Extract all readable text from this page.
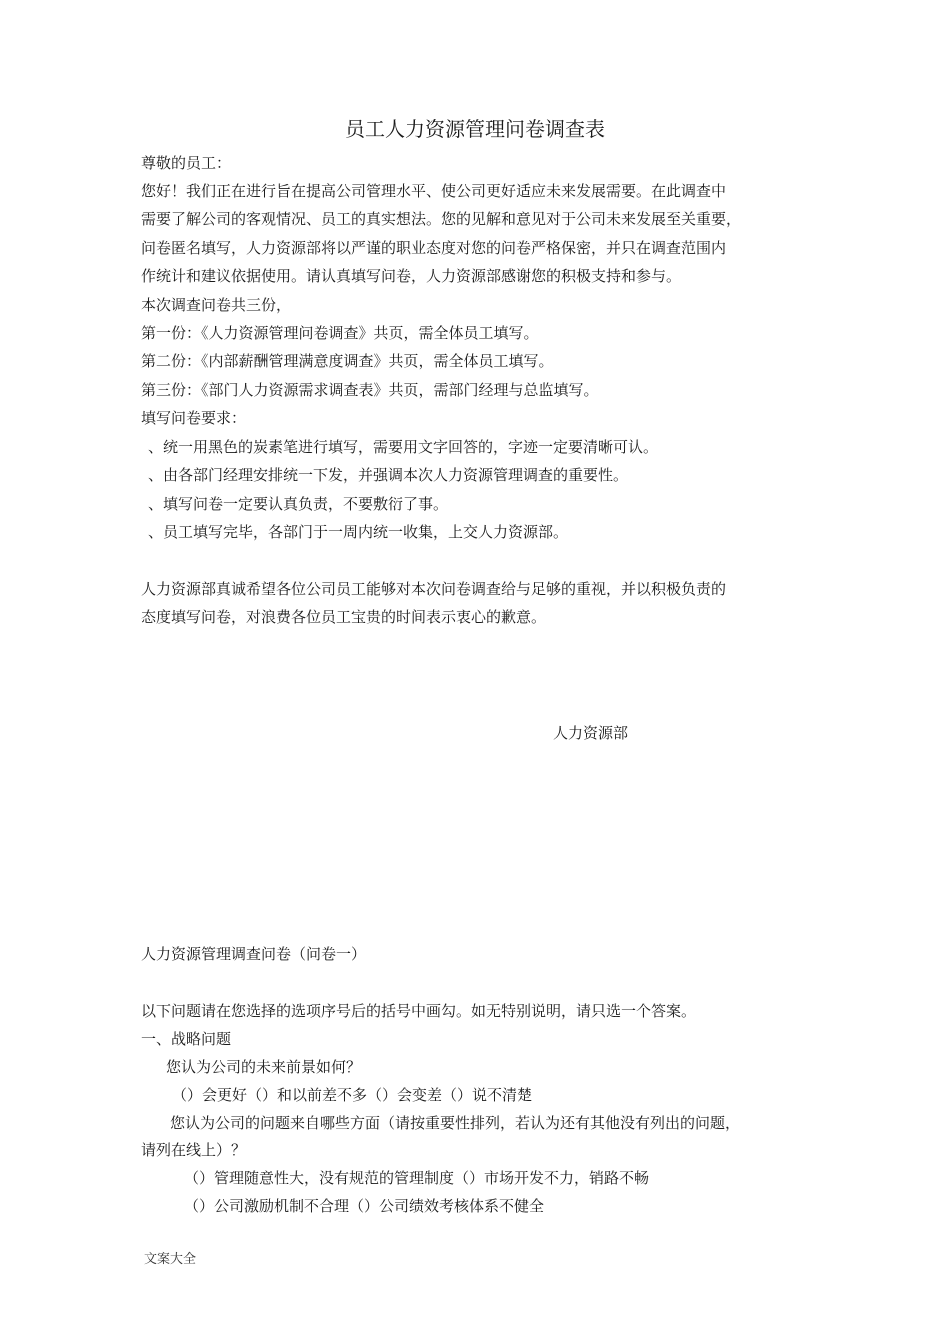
员工人力资源管理问卷调查表
尊敬的员工：
您好！我们正在进行旨在提高公司管理水平、使公司更好适应未来发展需要。在此调查中
需要了解公司的客观情况、员工的真实想法。您的见解和意见对于公司未来发展至关重要，
问卷匿名填写，人力资源部将以严谨的职业态度对您的问卷严格保密，并只在调查范围内
作统计和建议依据使用。请认真填写问卷，人力资源部感谢您的积极支持和参与。
本次调查问卷共三份，
第一份：《人力资源管理问卷调查》共页，需全体员工填写。
第二份：《内部薪酬管理满意度调查》共页，需全体员工填写。
第三份：《部门人力资源需求调查表》共页，需部门经理与总监填写。
填写问卷要求：
、统一用黑色的炭素笔进行填写，需要用文字回答的，字迹一定要清晰可认。
、由各部门经理安排统一下发，并强调本次人力资源管理调查的重要性。
、填写问卷一定要认真负责，不要敷衍了事。
、员工填写完毕，各部门于一周内统一收集，上交人力资源部。
人力资源部真诚希望各位公司员工能够对本次问卷调查给与足够的重视，并以积极负责的
态度填写问卷，对浪费各位员工宝贵的时间表示衷心的歉意。
人力资源部
人力资源管理调查问卷（问卷一）
以下问题请在您选择的选项序号后的括号中画勾。如无特别说明，请只选一个答案。
一、战略问题
您认为公司的未来前景如何？
（）会更好（）和以前差不多（）会变差（）说不清楚
您认为公司的问题来自哪些方面（请按重要性排列，若认为还有其他没有列出的问题，
请列在线上）？
（）管理随意性大，没有规范的管理制度（）市场开发不力，销路不畅
（）公司激励机制不合理（）公司绩效考核体系不健全
文案大全
